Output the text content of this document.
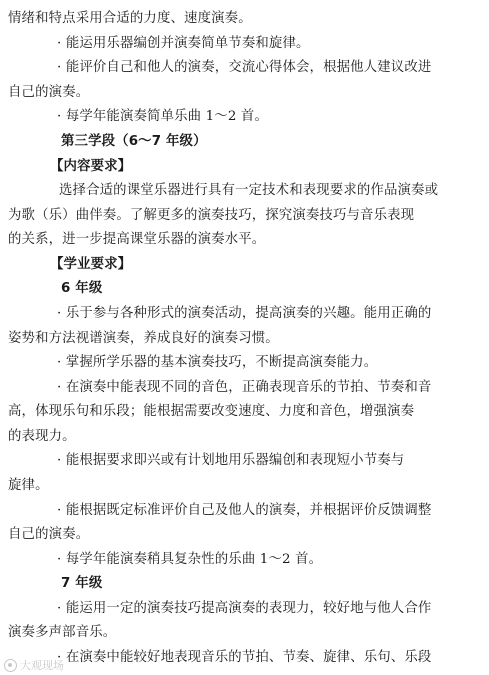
情绪和特点采用合适的力度、速度演奏。
· 能运用乐器编创并演奏简单节奏和旋律。
· 能评价自己和他人的演奏，交流心得体会，根据他人建议改进
自己的演奏。
· 每学年能演奏简单乐曲 1～2 首。
第三学段（6～7 年级）
【内容要求】
选择合适的课堂乐器进行具有一定技术和表现要求的作品演奏或
为歌（乐）曲伴奏。了解更多的演奏技巧，探究演奏技巧与音乐表现
的关系，进一步提高课堂乐器的演奏水平。
【学业要求】
6 年级
· 乐于参与各种形式的演奏活动，提高演奏的兴趣。能用正确的
姿势和方法视谱演奏，养成良好的演奏习惯。
· 掌握所学乐器的基本演奏技巧，不断提高演奏能力。
· 在演奏中能表现不同的音色，正确表现音乐的节拍、节奏和音
高，体现乐句和乐段；能根据需要改变速度、力度和音色，增强演奏
的表现力。
· 能根据要求即兴或有计划地用乐器编创和表现短小节奏与
旋律。
· 能根据既定标准评价自己及他人的演奏，并根据评价反馈调整
自己的演奏。
· 每学年能演奏稍具复杂性的乐曲 1～2 首。
7 年级
· 能运用一定的演奏技巧提高演奏的表现力，较好地与他人合作
演奏多声部音乐。
· 在演奏中能较好地表现音乐的节拍、节奏、旋律、乐句、乐段
大观现场
